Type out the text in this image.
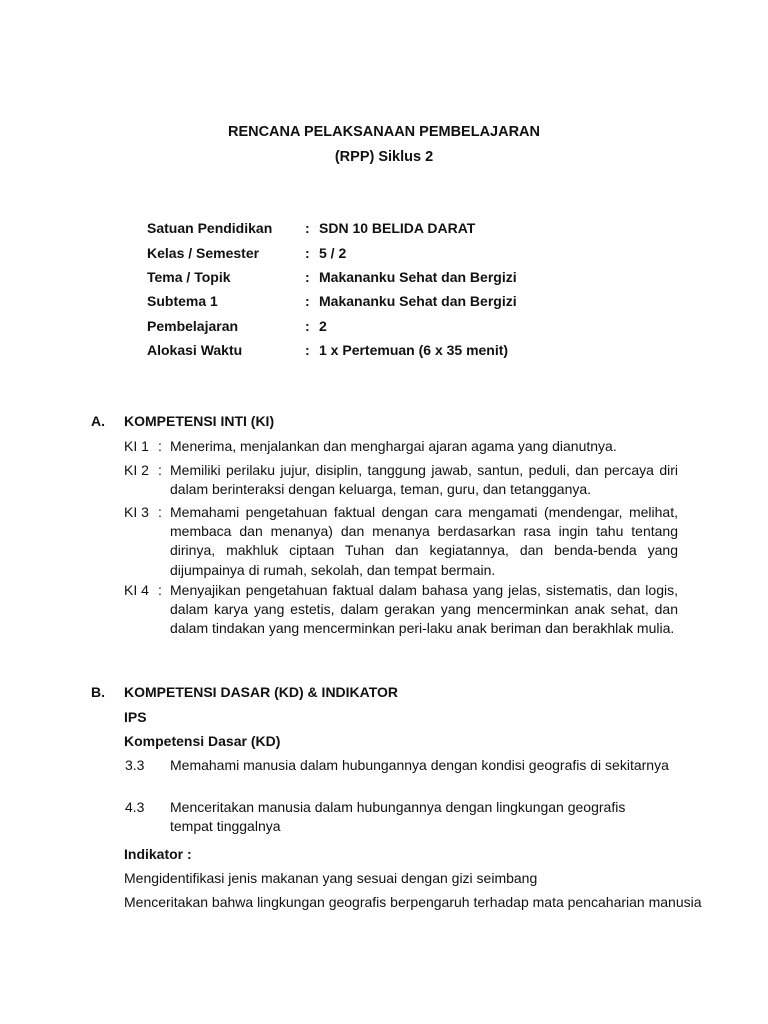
RENCANA PELAKSANAAN PEMBELAJARAN
(RPP) Siklus 2
Satuan Pendidikan : SDN 10 BELIDA DARAT
Kelas / Semester	: 5 / 2
Tema / Topik	: Makananku Sehat dan Bergizi
Subtema 1	: Makananku Sehat dan Bergizi
Pembelajaran	: 2
Alokasi Waktu	: 1 x Pertemuan (6 x 35 menit)
A. KOMPETENSI INTI (KI)
KI 1 : Menerima, menjalankan dan menghargai ajaran agama yang dianutnya.
KI 2 : Memiliki perilaku jujur, disiplin, tanggung jawab, santun, peduli, dan percaya diri dalam berinteraksi dengan keluarga, teman, guru, dan tetangganya.
KI 3 : Memahami pengetahuan faktual dengan cara mengamati (mendengar, melihat, membaca dan menanya) dan menanya berdasarkan rasa ingin tahu tentang dirinya, makhluk ciptaan Tuhan dan kegiatannya, dan benda-benda yang dijumpainya di rumah, sekolah, dan tempat bermain.
KI 4 : Menyajikan pengetahuan faktual dalam bahasa yang jelas, sistematis, dan logis, dalam karya yang estetis, dalam gerakan yang mencerminkan anak sehat, dan dalam tindakan yang mencerminkan peri-laku anak beriman dan berakhlak mulia.
B. KOMPETENSI DASAR (KD) & INDIKATOR
IPS
Kompetensi Dasar (KD)
3.3 Memahami manusia dalam hubungannya dengan kondisi geografis di sekitarnya
4.3 Menceritakan manusia dalam hubungannya dengan lingkungan geografis tempat tinggalnya
Indikator :
Mengidentifikasi jenis makanan yang sesuai dengan gizi seimbang
Menceritakan bahwa lingkungan geografis berpengaruh terhadap mata pencaharian manusia
